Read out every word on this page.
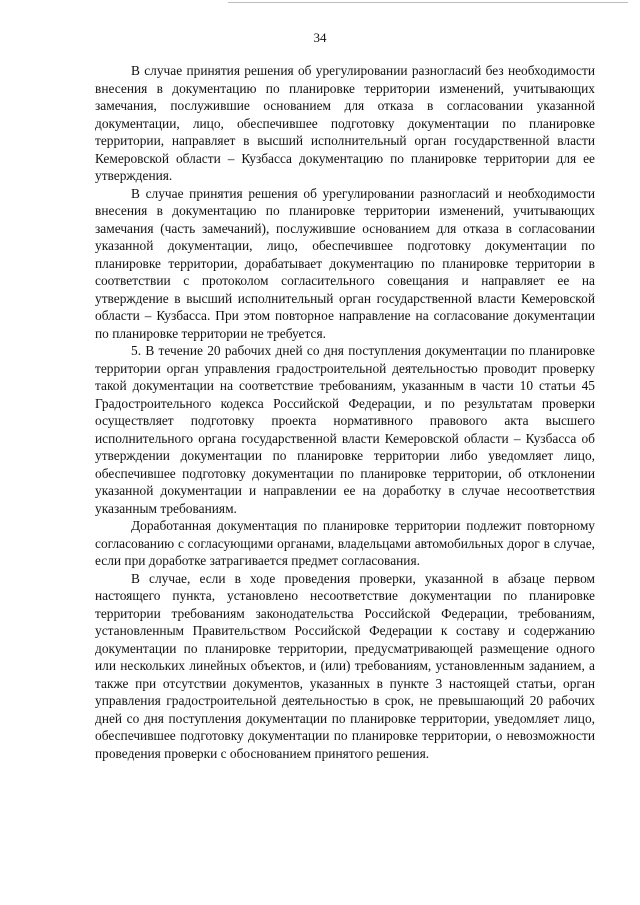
34

В случае принятия решения об урегулировании разногласий без необходимости внесения в документацию по планировке территории изменений, учитывающих замечания, послужившие основанием для отказа в согласовании указанной документации, лицо, обеспечившее подготовку документации по планировке территории, направляет в высший исполнительный орган государственной власти Кемеровской области – Кузбасса документацию по планировке территории для ее утверждения.

В случае принятия решения об урегулировании разногласий и необходимости внесения в документацию по планировке территории изменений, учитывающих замечания (часть замечаний), послужившие основанием для отказа в согласовании указанной документации, лицо, обеспечившее подготовку документации по планировке территории, дорабатывает документацию по планировке территории в соответствии с протоколом согласительного совещания и направляет ее на утверждение в высший исполнительный орган государственной власти Кемеровской области – Кузбасса. При этом повторное направление на согласование документации по планировке территории не требуется.

5. В течение 20 рабочих дней со дня поступления документации по планировке территории орган управления градостроительной деятельностью проводит проверку такой документации на соответствие требованиям, указанным в части 10 статьи 45 Градостроительного кодекса Российской Федерации, и по результатам проверки осуществляет подготовку проекта нормативного правового акта высшего исполнительного органа государственной власти Кемеровской области – Кузбасса об утверждении документации по планировке территории либо уведомляет лицо, обеспечившее подготовку документации по планировке территории, об отклонении указанной документации и направлении ее на доработку в случае несоответствия указанным требованиям.

Доработанная документация по планировке территории подлежит повторному согласованию с согласующими органами, владельцами автомобильных дорог в случае, если при доработке затрагивается предмет согласования.

В случае, если в ходе проведения проверки, указанной в абзаце первом настоящего пункта, установлено несоответствие документации по планировке территории требованиям законодательства Российской Федерации, требованиям, установленным Правительством Российской Федерации к составу и содержанию документации по планировке территории, предусматривающей размещение одного или нескольких линейных объектов, и (или) требованиям, установленным заданием, а также при отсутствии документов, указанных в пункте 3 настоящей статьи, орган управления градостроительной деятельностью в срок, не превышающий 20 рабочих дней со дня поступления документации по планировке территории, уведомляет лицо, обеспечившее подготовку документации по планировке территории, о невозможности проведения проверки с обоснованием принятого решения.
